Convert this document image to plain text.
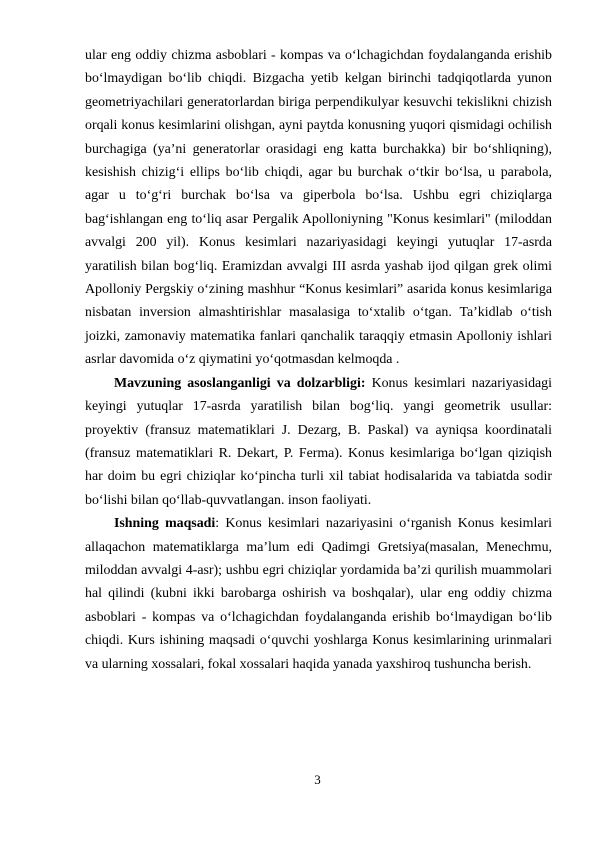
ular eng oddiy chizma asboblari - kompas va o‘lchagichdan foydalanganda erishib bo‘lmaydigan bo‘lib chiqdi. Bizgacha yetib kelgan birinchi tadqiqotlarda yunon geometriyachilari generatorlardan biriga perpendikulyar kesuvchi tekislikni chizish orqali konus kesimlarini olishgan, ayni paytda konusning yuqori qismidagi ochilish burchagiga (ya’ni generatorlar orasidagi eng katta burchakka) bir bo‘shliqning), kesishish chizig‘i ellips bo‘lib chiqdi, agar bu burchak o‘tkir bo‘lsa, u parabola, agar u to‘g‘ri burchak bo‘lsa va giperbola bo‘lsa. Ushbu egri chiziqlarga bag‘ishlangan eng to‘liq asar Pergalik Apolloniyning "Konus kesimlari" (miloddan avvalgi 200 yil). Konus kesimlari nazariyasidagi keyingi yutuqlar 17-asrda yaratilish bilan bog‘liq. Eramizdan avvalgi III asrda yashab ijod qilgan grek olimi Apolloniy Pergskiy o‘zining mashhur “Konus kesimlari” asarida konus kesimlariga nisbatan inversion almashtirishlar masalasiga to‘xtalib o‘tgan. Ta’kidlab o‘tish joizki, zamonaviy matematika fanlari qanchalik taraqqiy etmasin Apolloniy ishlari asrlar davomida o‘z qiymatini yo‘qotmasdan kelmoqda .

Mavzuning asoslanganligi va dolzarbligi: Konus kesimlari nazariyasidagi keyingi yutuqlar 17-asrda yaratilish bilan bog‘liq. yangi geometrik usullar: proyektiv (fransuz matematiklari J. Dezarg, B. Paskal) va ayniqsa koordinatali (fransuz matematiklari R. Dekart, P. Ferma). Konus kesimlariga bo‘lgan qiziqish har doim bu egri chiziqlar ko‘pincha turli xil tabiat hodisalarida va tabiatda sodir bo‘lishi bilan qo‘llab-quvvatlangan. inson faoliyati.

Ishning maqsadi: Konus kesimlari nazariyasini o‘rganish Konus kesimlari allaqachon matematiklarga ma’lum edi Qadimgi Gretsiya(masalan, Menechmu, miloddan avvalgi 4-asr); ushbu egri chiziqlar yordamida ba’zi qurilish muammolari hal qilindi (kubni ikki barobarga oshirish va boshqalar), ular eng oddiy chizma asboblari - kompas va o‘lchagichdan foydalanganda erishib bo‘lmaydigan bo‘lib chiqdi. Kurs ishining maqsadi o‘quvchi yoshlarga Konus kesimlarining urinmalari va ularning xossalari, fokal xossalari haqida yanada yaxshiroq tushuncha berish.

3
